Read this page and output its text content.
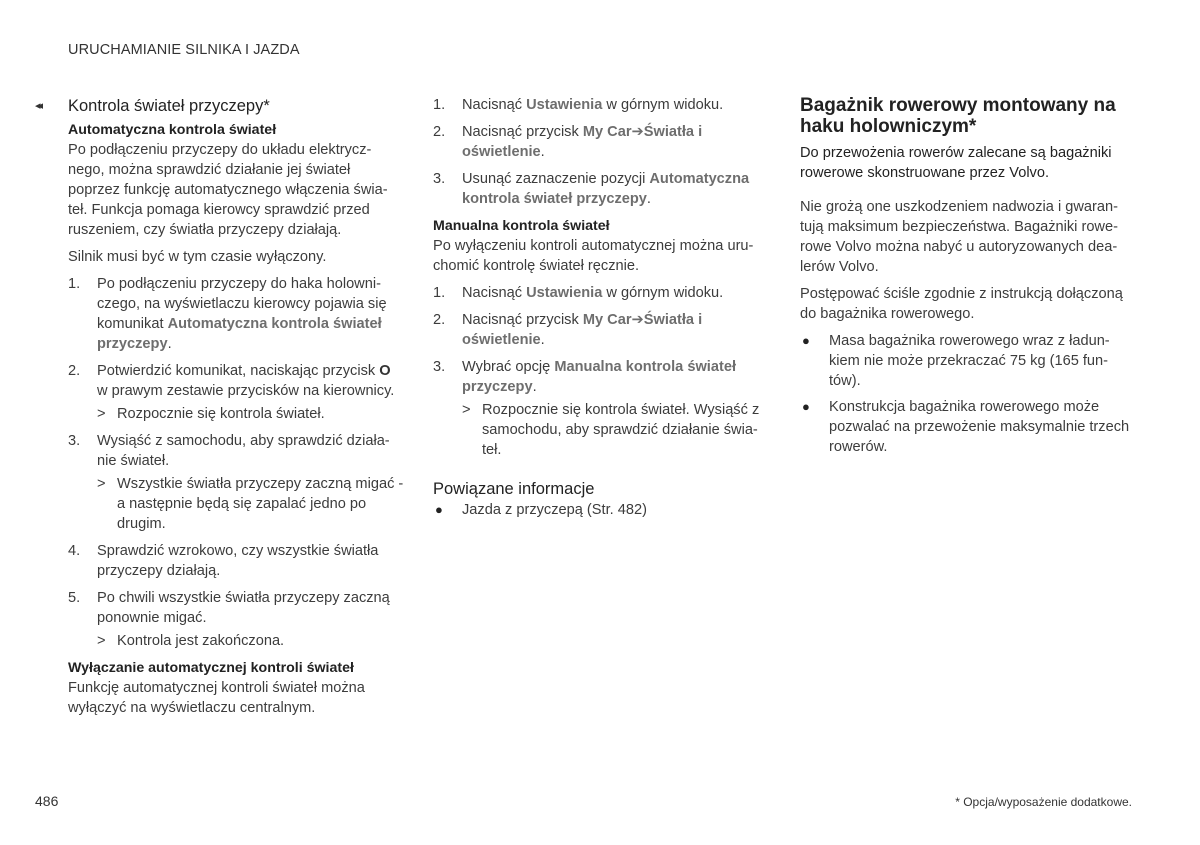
URUCHAMIANIE SILNIKA I JAZDA
◂◂ Kontrola świateł przyczepy*
Automatyczna kontrola świateł

Po podłączeniu przyczepy do układu elektrycz-nego, można sprawdzić działanie jej świateł poprzez funkcję automatycznego włączenia świa-teł. Funkcja pomaga kierowcy sprawdzić przed ruszeniem, czy światła przyczepy działają.

Silnik musi być w tym czasie wyłączony.

1. Po podłączeniu przyczepy do haka holowni-czego, na wyświetlaczu kierowcy pojawia się komunikat Automatyczna kontrola świateł przyczepy.
2. Potwierdzić komunikat, naciskając przycisk O w prawym zestawie przycisków na kierownicy.
> Rozpocznie się kontrola świateł.
3. Wysiąść z samochodu, aby sprawdzić działa-nie świateł.
> Wszystkie światła przyczepy zaczną migać - a następnie będą się zapalać jedno po drugim.
4. Sprawdzić wzrokowo, czy wszystkie światła przyczepy działają.
5. Po chwili wszystkie światła przyczepy zaczną ponownie migać.
> Kontrola jest zakończona.
Wyłączanie automatycznej kontroli świateł

Funkcję automatycznej kontroli świateł można wyłączyć na wyświetlaczu centralnym.

1. Nacisnąć Ustawienia w górnym widoku.
2. Nacisnąć przycisk My Car➔Światła i oświetlenie.
3. Usunąć zaznaczenie pozycji Automatyczna kontrola świateł przyczepy.
Manualna kontrola świateł

Po wyłączeniu kontroli automatycznej można uru-chomić kontrolę świateł ręcznie.

1. Nacisnąć Ustawienia w górnym widoku.
2. Nacisnąć przycisk My Car➔Światła i oświetlenie.
3. Wybrać opcję Manualna kontrola świateł przyczepy.
> Rozpocznie się kontrola świateł. Wysiąść z samochodu, aby sprawdzić działanie świa-teł.
Powiązane informacje
● Jazda z przyczepą (Str. 482)
Bagażnik rowerowy montowany na haku holowniczym*

Do przewożenia rowerów zalecane są bagażniki rowerowe skonstruowane przez Volvo.

Nie grożą one uszkodzeniem nadwozia i gwaran-tują maksimum bezpieczeństwa. Bagażniki rowe-rowe Volvo można nabyć u autoryzowanych dea-lerów Volvo.

Postępować ściśle zgodnie z instrukcją dołączoną do bagażnika rowerowego.

● Masa bagażnika rowerowego wraz z ładun-kiem nie może przekraczać 75 kg (165 fun-tów).
● Konstrukcja bagażnika rowerowego może pozwalać na przewożenie maksymalnie trzech rowerów.
486	* Opcja/wyposażenie dodatkowe.
